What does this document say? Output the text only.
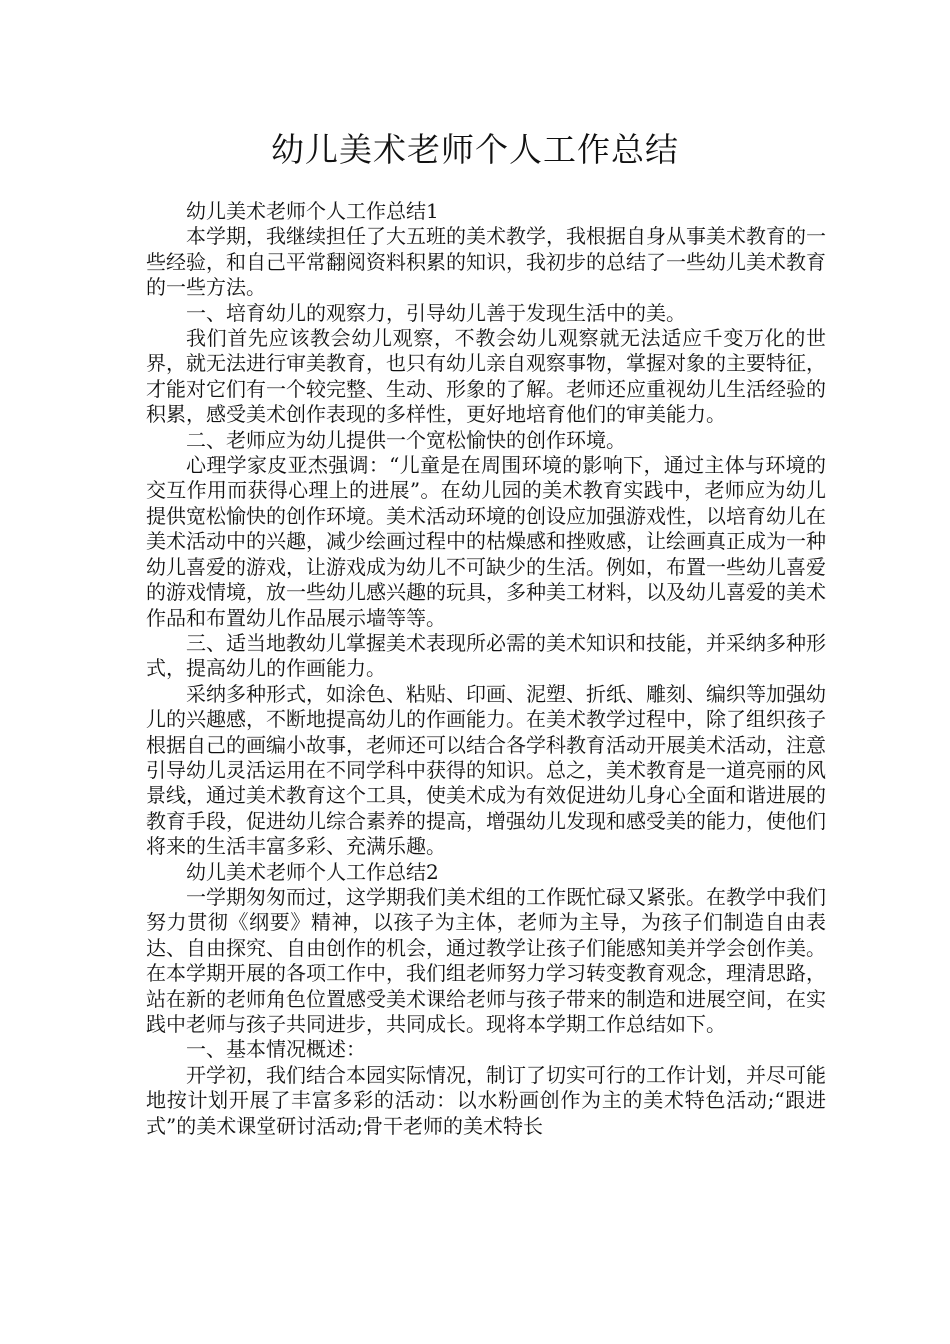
幼儿美术老师个人工作总结

幼儿美术老师个人工作总结1

本学期，我继续担任了大五班的美术教学，我根据自身从事美术教育的一些经验，和自己平常翻阅资料积累的知识，我初步的总结了一些幼儿美术教育的一些方法。

一、培育幼儿的观察力，引导幼儿善于发现生活中的美。

我们首先应该教会幼儿观察，不教会幼儿观察就无法适应千变万化的世界，就无法进行审美教育，也只有幼儿亲自观察事物，掌握对象的主要特征，才能对它们有一个较完整、生动、形象的了解。老师还应重视幼儿生活经验的积累，感受美术创作表现的多样性，更好地培育他们的审美能力。

二、老师应为幼儿提供一个宽松愉快的创作环境。

心理学家皮亚杰强调：“儿童是在周围环境的影响下，通过主体与环境的交互作用而获得心理上的进展”。在幼儿园的美术教育实践中，老师应为幼儿提供宽松愉快的创作环境。美术活动环境的创设应加强游戏性，以培育幼儿在美术活动中的兴趣，减少绘画过程中的枯燥感和挫败感，让绘画真正成为一种幼儿喜爱的游戏，让游戏成为幼儿不可缺少的生活。例如，布置一些幼儿喜爱的游戏情境，放一些幼儿感兴趣的玩具，多种美工材料，以及幼儿喜爱的美术作品和布置幼儿作品展示墙等等。

三、适当地教幼儿掌握美术表现所必需的美术知识和技能，并采纳多种形式，提高幼儿的作画能力。

采纳多种形式，如涂色、粘贴、印画、泥塑、折纸、雕刻、编织等加强幼儿的兴趣感，不断地提高幼儿的作画能力。在美术教学过程中，除了组织孩子根据自己的画编小故事，老师还可以结合各学科教育活动开展美术活动，注意引导幼儿灵活运用在不同学科中获得的知识。总之，美术教育是一道亮丽的风景线，通过美术教育这个工具，使美术成为有效促进幼儿身心全面和谐进展的教育手段，促进幼儿综合素养的提高，增强幼儿发现和感受美的能力，使他们将来的生活丰富多彩、充满乐趣。

幼儿美术老师个人工作总结2

一学期匆匆而过，这学期我们美术组的工作既忙碌又紧张。在教学中我们努力贯彻《纲要》精神，以孩子为主体，老师为主导，为孩子们制造自由表达、自由探究、自由创作的机会，通过教学让孩子们能感知美并学会创作美。在本学期开展的各项工作中，我们组老师努力学习转变教育观念，理清思路，站在新的老师角色位置感受美术课给老师与孩子带来的制造和进展空间，在实践中老师与孩子共同进步，共同成长。现将本学期工作总结如下。

一、基本情况概述：

开学初，我们结合本园实际情况，制订了切实可行的工作计划，并尽可能地按计划开展了丰富多彩的活动：以水粉画创作为主的美术特色活动;“跟进式”的美术课堂研讨活动;骨干老师的美术特长
